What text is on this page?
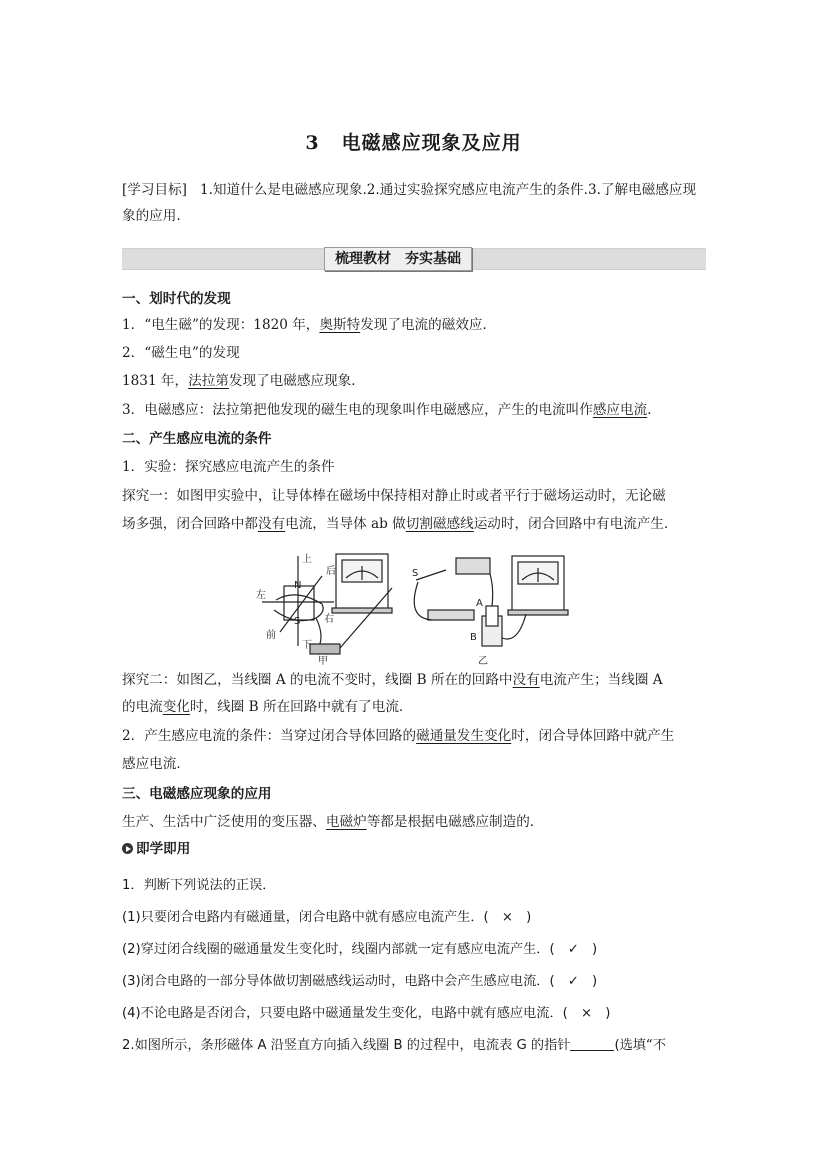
3 电磁感应现象及应用

[学习目标] 1.知道什么是电磁感应现象.2.通过实验探究感应电流产生的条件.3.了解电磁感应现象的应用.

梳理教材 夯实基础

一、划时代的发现

1．“电生磁”的发现：1820 年，奥斯特发现了电流的磁效应．

2．“磁生电”的发现

1831 年，法拉第发现了电磁感应现象．

3．电磁感应：法拉第把他发现的磁生电的现象叫作电磁感应，产生的电流叫作感应电流．

二、产生感应电流的条件

1．实验：探究感应电流产生的条件

探究一：如图甲实验中，让导体棒在磁场中保持相对静止时或者平行于磁场运动时，无论磁

场多强，闭合回路中都没有电流，当导体 ab 做切割磁感线运动时，闭合回路中有电流产生．

上
下
左
右
前
后
N
S
甲
S
A
B
乙

探究二：如图乙，当线圈 A 的电流不变时，线圈 B 所在的回路中没有电流产生；当线圈 A

的电流变化时，线圈 B 所在回路中就有了电流．

2．产生感应电流的条件：当穿过闭合导体回路的磁通量发生变化时，闭合导体回路中就产生

感应电流．

三、电磁感应现象的应用

生产、生活中广泛使用的变压器、电磁炉等都是根据电磁感应制造的．

即学即用

1．判断下列说法的正误．

(1)只要闭合电路内有磁通量，闭合电路中就有感应电流产生．(　×　)

(2)穿过闭合线圈的磁通量发生变化时，线圈内部就一定有感应电流产生．(　✓　)

(3)闭合电路的一部分导体做切割磁感线运动时，电路中会产生感应电流．(　✓　)

(4)不论电路是否闭合，只要电路中磁通量发生变化，电路中就有感应电流．(　×　)

2.如图所示，条形磁体 A 沿竖直方向插入线圈 B 的过程中，电流表 G 的指针	(选填“不
